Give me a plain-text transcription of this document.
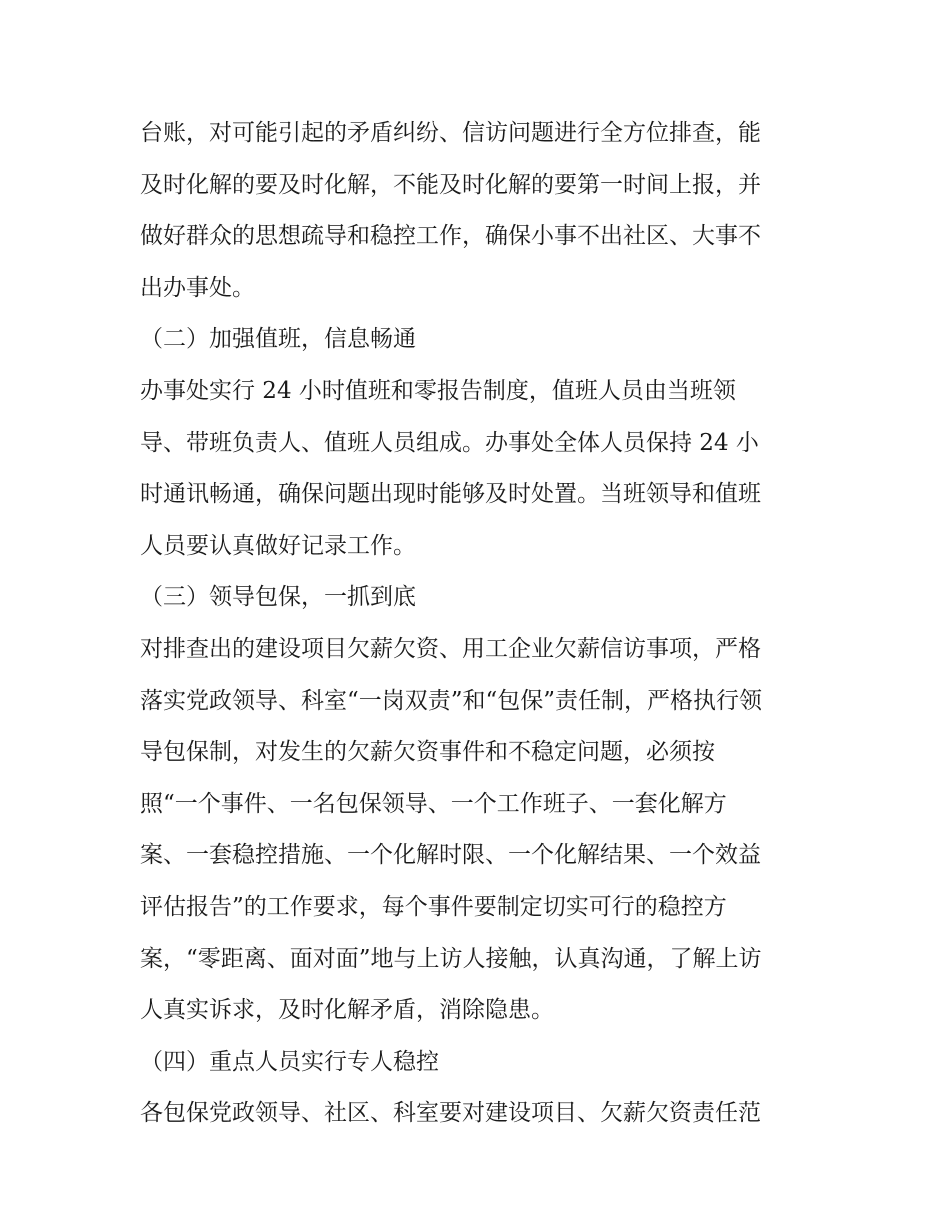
台账，对可能引起的矛盾纠纷、信访问题进行全方位排查，能
及时化解的要及时化解，不能及时化解的要第一时间上报，并
做好群众的思想疏导和稳控工作，确保小事不出社区、大事不
出办事处。
（二）加强值班，信息畅通
办事处实行 24 小时值班和零报告制度，值班人员由当班领
导、带班负责人、值班人员组成。办事处全体人员保持 24 小
时通讯畅通，确保问题出现时能够及时处置。当班领导和值班
人员要认真做好记录工作。
（三）领导包保，一抓到底
对排查出的建设项目欠薪欠资、用工企业欠薪信访事项，严格
落实党政领导、科室“一岗双责”和“包保”责任制，严格执行领
导包保制，对发生的欠薪欠资事件和不稳定问题，必须按
照“一个事件、一名包保领导、一个工作班子、一套化解方
案、一套稳控措施、一个化解时限、一个化解结果、一个效益
评估报告”的工作要求，每个事件要制定切实可行的稳控方
案，“零距离、面对面”地与上访人接触，认真沟通，了解上访
人真实诉求，及时化解矛盾，消除隐患。
（四）重点人员实行专人稳控
各包保党政领导、社区、科室要对建设项目、欠薪欠资责任范
